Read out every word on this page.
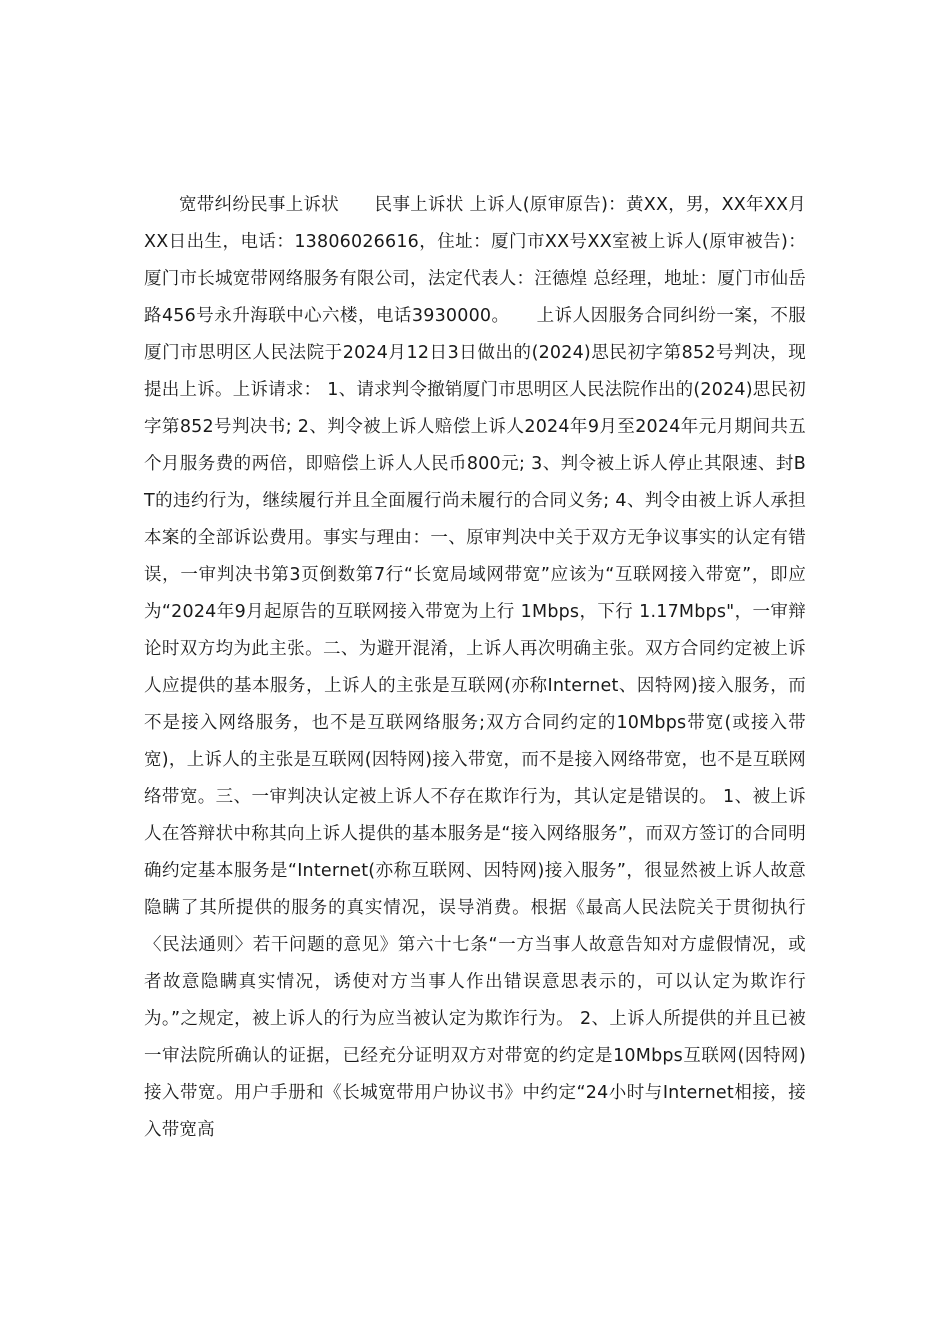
宽带纠纷民事上诉状　　民事上诉状 上诉人(原审原告)：黄XX，男，XX年XX月XX日出生，电话：13806026616，住址：厦门市XX号XX室被上诉人(原审被告)：厦门市长城宽带网络服务有限公司，法定代表人：汪德煌 总经理，地址：厦门市仙岳路456号永升海联中心六楼，电话3930000。　　上诉人因服务合同纠纷一案，不服厦门市思明区人民法院于2024月12日3日做出的(2024)思民初字第852号判决，现提出上诉。上诉请求： 1、请求判令撤销厦门市思明区人民法院作出的(2024)思民初字第852号判决书; 2、判令被上诉人赔偿上诉人2024年9月至2024年元月期间共五个月服务费的两倍，即赔偿上诉人人民币800元; 3、判令被上诉人停止其限速、封BT的违约行为，继续履行并且全面履行尚未履行的合同义务; 4、判令由被上诉人承担本案的全部诉讼费用。事实与理由：一、原审判决中关于双方无争议事实的认定有错误，一审判决书第3页倒数第7行“长宽局域网带宽”应该为“互联网接入带宽”，即应为“2024年9月起原告的互联网接入带宽为上行 1Mbps，下行 1.17Mbps"，一审辩论时双方均为此主张。二、为避开混淆，上诉人再次明确主张。双方合同约定被上诉人应提供的基本服务，上诉人的主张是互联网(亦称Internet、因特网)接入服务，而不是接入网络服务，也不是互联网络服务;双方合同约定的10Mbps带宽(或接入带宽)，上诉人的主张是互联网(因特网)接入带宽，而不是接入网络带宽，也不是互联网络带宽。三、一审判决认定被上诉人不存在欺诈行为，其认定是错误的。 1、被上诉人在答辩状中称其向上诉人提供的基本服务是“接入网络服务”，而双方签订的合同明确约定基本服务是“Internet(亦称互联网、因特网)接入服务”，很显然被上诉人故意隐瞒了其所提供的服务的真实情况，误导消费。根据《最高人民法院关于贯彻执行〈民法通则〉若干问题的意见》第六十七条“一方当事人故意告知对方虚假情况，或者故意隐瞒真实情况，诱使对方当事人作出错误意思表示的，可以认定为欺诈行为。”之规定，被上诉人的行为应当被认定为欺诈行为。 2、上诉人所提供的并且已被一审法院所确认的证据，已经充分证明双方对带宽的约定是10Mbps互联网(因特网)接入带宽。用户手册和《长城宽带用户协议书》中约定“24小时与Internet相接，接入带宽高
